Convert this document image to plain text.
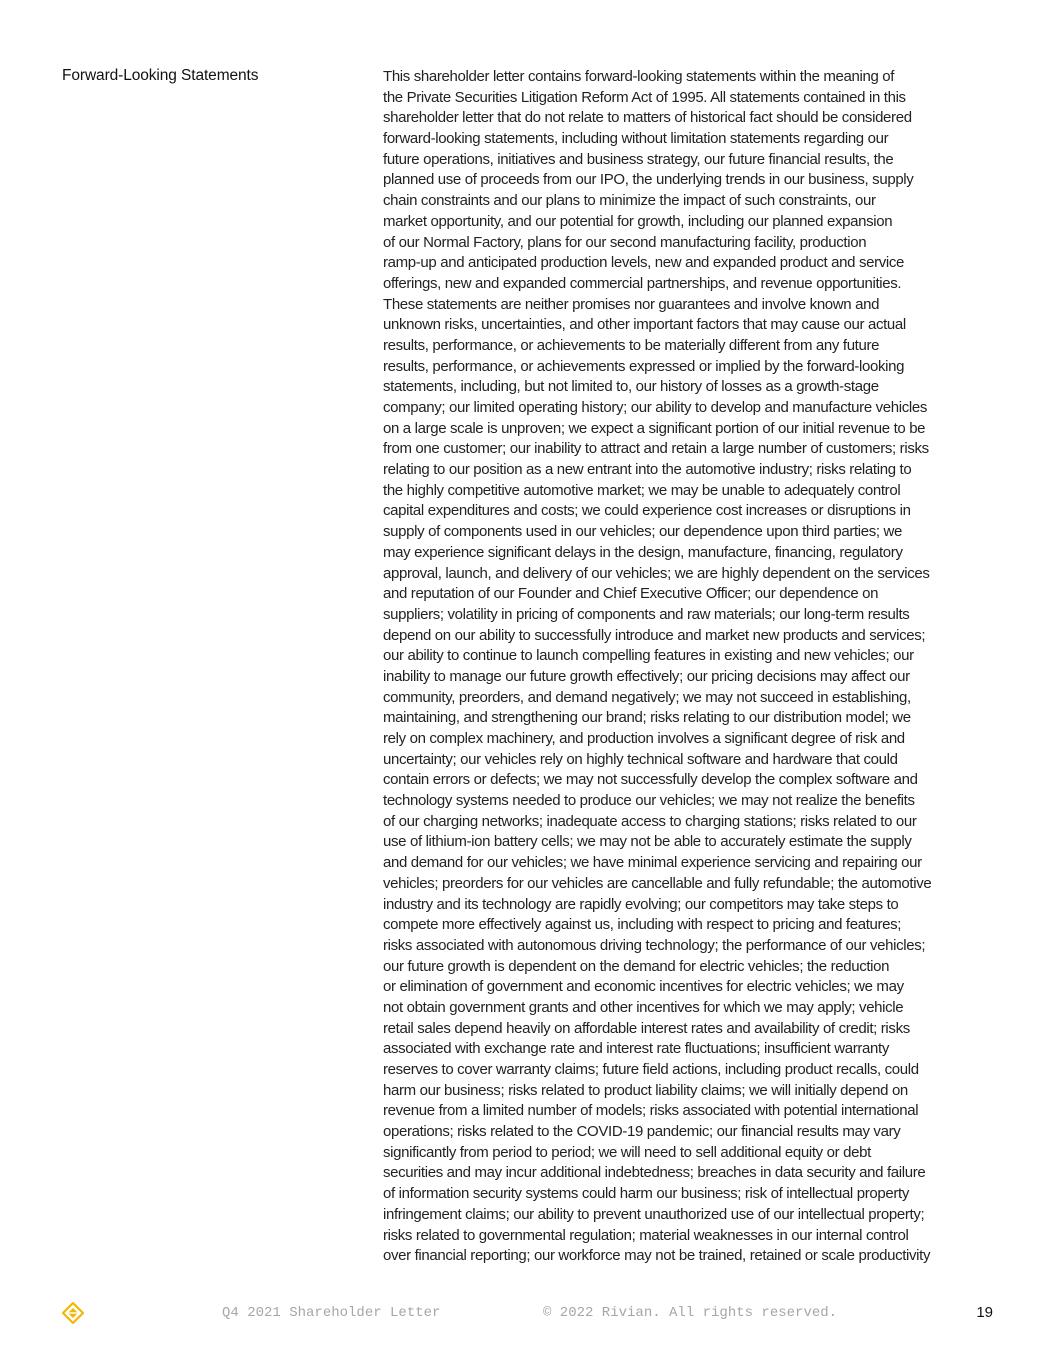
Forward-Looking Statements	This shareholder letter contains forward-looking statements within the meaning of
the Private Securities Litigation Reform Act of 1995. All statements contained in this
shareholder letter that do not relate to matters of historical fact should be considered
forward-looking statements, including without limitation statements regarding our
future operations, initiatives and business strategy, our future financial results, the
planned use of proceeds from our IPO, the underlying trends in our business, supply
chain constraints and our plans to minimize the impact of such constraints, our
market opportunity, and our potential for growth, including our planned expansion
of our Normal Factory, plans for our second manufacturing facility, production
ramp-up and anticipated production levels, new and expanded product and service
offerings, new and expanded commercial partnerships, and revenue opportunities.
These statements are neither promises nor guarantees and involve known and
unknown risks, uncertainties, and other important factors that may cause our actual
results, performance, or achievements to be materially different from any future
results, performance, or achievements expressed or implied by the forward-looking
statements, including, but not limited to, our history of losses as a growth-stage
company; our limited operating history; our ability to develop and manufacture vehicles
on a large scale is unproven; we expect a significant portion of our initial revenue to be
from one customer; our inability to attract and retain a large number of customers; risks
relating to our position as a new entrant into the automotive industry; risks relating to
the highly competitive automotive market; we may be unable to adequately control
capital expenditures and costs; we could experience cost increases or disruptions in
supply of components used in our vehicles; our dependence upon third parties; we
may experience significant delays in the design, manufacture, financing, regulatory
approval, launch, and delivery of our vehicles; we are highly dependent on the services
and reputation of our Founder and Chief Executive Officer; our dependence on
suppliers; volatility in pricing of components and raw materials; our long-term results
depend on our ability to successfully introduce and market new products and services;
our ability to continue to launch compelling features in existing and new vehicles; our
inability to manage our future growth effectively; our pricing decisions may affect our
community, preorders, and demand negatively; we may not succeed in establishing,
maintaining, and strengthening our brand; risks relating to our distribution model; we
rely on complex machinery, and production involves a significant degree of risk and
uncertainty; our vehicles rely on highly technical software and hardware that could
contain errors or defects; we may not successfully develop the complex software and
technology systems needed to produce our vehicles; we may not realize the benefits
of our charging networks; inadequate access to charging stations; risks related to our
use of lithium-ion battery cells; we may not be able to accurately estimate the supply
and demand for our vehicles; we have minimal experience servicing and repairing our
vehicles; preorders for our vehicles are cancellable and fully refundable; the automotive
industry and its technology are rapidly evolving; our competitors may take steps to
compete more effectively against us, including with respect to pricing and features;
risks associated with autonomous driving technology; the performance of our vehicles;
our future growth is dependent on the demand for electric vehicles; the reduction
or elimination of government and economic incentives for electric vehicles; we may
not obtain government grants and other incentives for which we may apply; vehicle
retail sales depend heavily on affordable interest rates and availability of credit; risks
associated with exchange rate and interest rate fluctuations; insufficient warranty
reserves to cover warranty claims; future field actions, including product recalls, could
harm our business; risks related to product liability claims; we will initially depend on
revenue from a limited number of models; risks associated with potential international
operations; risks related to the COVID-19 pandemic; our financial results may vary
significantly from period to period; we will need to sell additional equity or debt
securities and may incur additional indebtedness; breaches in data security and failure
of information security systems could harm our business; risk of intellectual property
infringement claims; our ability to prevent unauthorized use of our intellectual property;
risks related to governmental regulation; material weaknesses in our internal control
over financial reporting; our workforce may not be trained, retained or scale productivity
Q4 2021 Shareholder Letter	© 2022 Rivian. All rights reserved.	19
